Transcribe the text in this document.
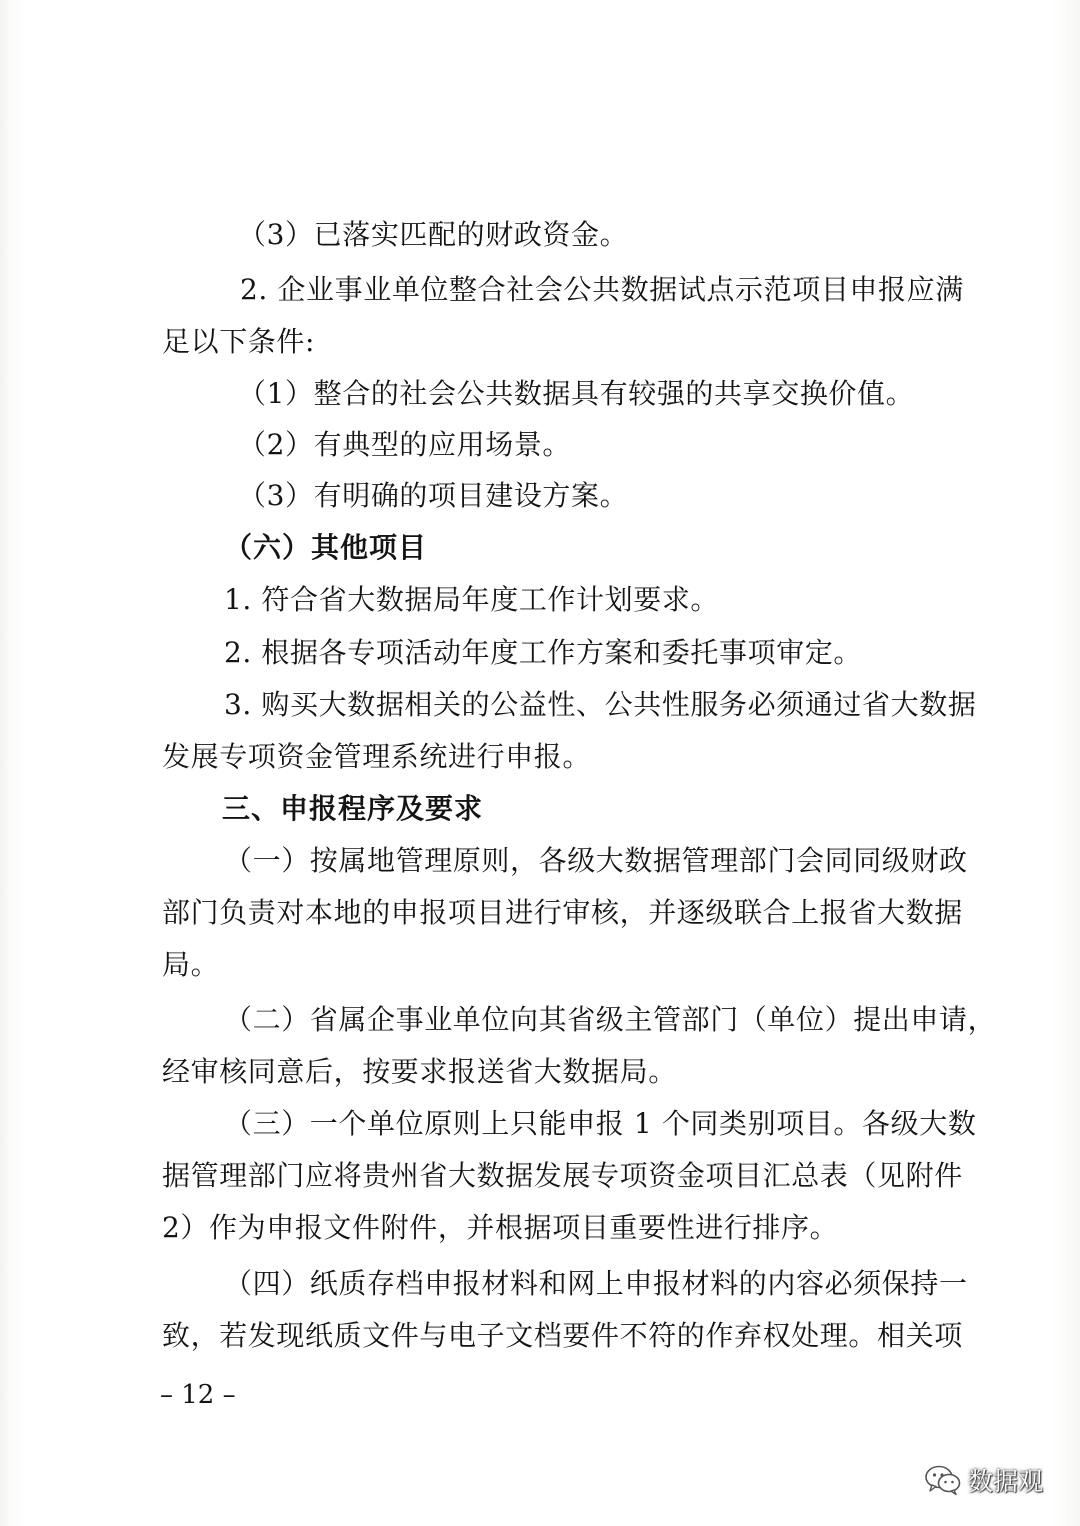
（3）已落实匹配的财政资金。
2. 企业事业单位整合社会公共数据试点示范项目申报应满
足以下条件:
（1）整合的社会公共数据具有较强的共享交换价值。
（2）有典型的应用场景。
（3）有明确的项目建设方案。
（六）其他项目
1. 符合省大数据局年度工作计划要求。
2. 根据各专项活动年度工作方案和委托事项审定。
3. 购买大数据相关的公益性、公共性服务必须通过省大数据
发展专项资金管理系统进行申报。
三、申报程序及要求
（一）按属地管理原则，各级大数据管理部门会同同级财政
部门负责对本地的申报项目进行审核，并逐级联合上报省大数据
局。
（二）省属企事业单位向其省级主管部门（单位）提出申请，
经审核同意后，按要求报送省大数据局。
（三）一个单位原则上只能申报 1 个同类别项目。各级大数
据管理部门应将贵州省大数据发展专项资金项目汇总表（见附件
2）作为申报文件附件，并根据项目重要性进行排序。
（四）纸质存档申报材料和网上申报材料的内容必须保持一
致，若发现纸质文件与电子文档要件不符的作弃权处理。相关项
– 12 –
数据观
